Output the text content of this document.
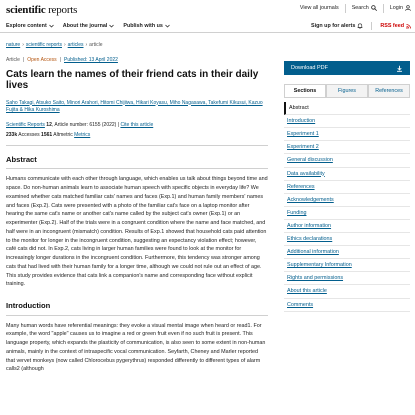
scientific reports	View all journals Search	Login
Explore content	About the journal	Publish with us	Sign up for alerts	RSS feed
nature › scientific reports › articles › article
Article | Open Access | Published: 13 April 2022
Cats learn the names of their friend cats in their daily lives
Saho Takagi, Atsuko Saito, Minori Arahori, Hitomi Chijiiwa, Hikari Koyasu, Miho Nagasawa, Takefumi Kikusui, Kazuo Fujita & Hika Kuroshima
Scientific Reports 12, Article number: 6155 (2022) | Cite this article
233k Accesses 1561 Altmetric Metrics
Abstract

Humans communicate with each other through language, which enables us talk about things beyond time and space. Do non-human animals learn to associate human speech with specific objects in everyday life? We examined whether cats matched familiar cats' names and faces (Exp.1) and human family members' names and faces (Exp.2). Cats were presented with a photo of the familiar cat's face on a laptop monitor after hearing the same cat's name or another cat's name called by the subject cat's owner (Exp.1) or an experimenter (Exp.2). Half of the trials were in a congruent condition where the name and face matched, and half were in an incongruent (mismatch) condition. Results of Exp.1 showed that household cats paid attention to the monitor for longer in the incongruent condition, suggesting an expectancy violation effect; however, café cats did not. In Exp.2, cats living in larger human families were found to look at the monitor for increasingly longer durations in the incongruent condition. Furthermore, this tendency was stronger among cats that had lived with their human family for a longer time, although we could not rule out an effect of age. This study provides evidence that cats link a companion's name and corresponding face without explicit training.

Introduction

Many human words have referential meanings: they evoke a visual mental image when heard or read1. For example, the word "apple" causes us to imagine a red or green fruit even if no such fruit is present. This language property, which expands the plasticity of communication, is also seen to some extent in non-human animals, mainly in the context of intraspecific vocal communication. Seyfarth, Cheney and Marler reported that vervet monkeys (now called Chlorocebus pygerythrus) responded differently to different types of alarm calls2 (although

Download PDF
Sections	Figures	References
Abstract
Introduction
Experiment 1
Experiment 2
General discussion
Data availability
References
Acknowledgements
Funding
Author information
Ethics declarations
Additional information
Supplementary Information
Rights and permissions
About this article
Comments
